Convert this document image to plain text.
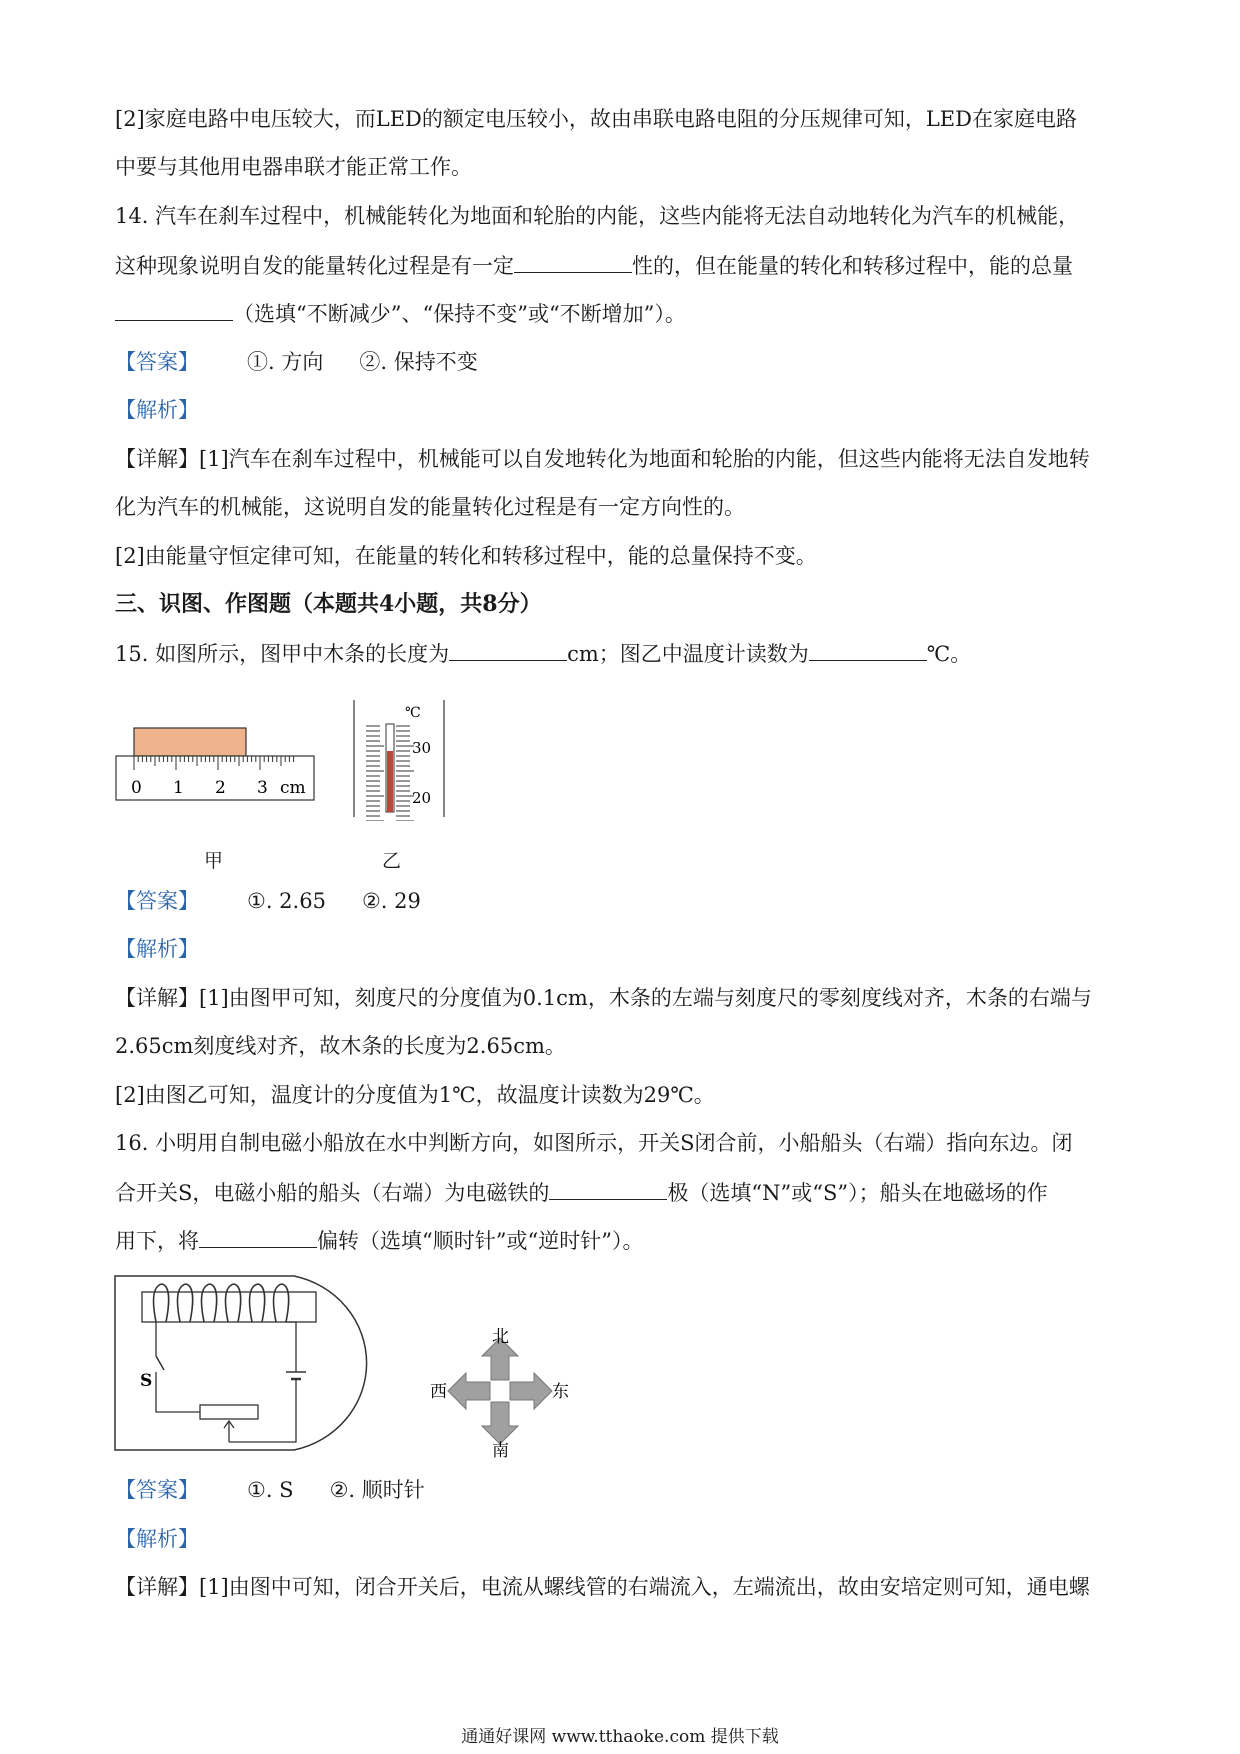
[2]家庭电路中电压较大，而LED的额定电压较小，故由串联电路电阻的分压规律可知，LED在家庭电路
中要与其他用电器串联才能正常工作。
14. 汽车在刹车过程中，机械能转化为地面和轮胎的内能，这些内能将无法自动地转化为汽车的机械能，
这种现象说明自发的能量转化过程是有一定	性的，但在能量的转化和转移过程中，能的总量
（选填“不断减少”、“保持不变”或“不断增加”）。
【答案】 ①. 方向 ②. 保持不变
【解析】
【详解】[1]汽车在刹车过程中，机械能可以自发地转化为地面和轮胎的内能，但这些内能将无法自发地转
化为汽车的机械能，这说明自发的能量转化过程是有一定方向性的。
[2]由能量守恒定律可知，在能量的转化和转移过程中，能的总量保持不变。
三、识图、作图题（本题共4小题，共8分）
15. 如图所示，图甲中木条的长度为	cm；图乙中温度计读数为	℃。
0 1 2 3 cm
甲
℃
30
20
乙
【答案】 ①. 2.65 ②. 29
【解析】
【详解】[1]由图甲可知，刻度尺的分度值为0.1cm，木条的左端与刻度尺的零刻度线对齐，木条的右端与
2.65cm刻度线对齐，故木条的长度为2.65cm。
[2]由图乙可知，温度计的分度值为1℃，故温度计读数为29℃。
16. 小明用自制电磁小船放在水中判断方向，如图所示，开关S闭合前，小船船头（右端）指向东边。闭
合开关S，电磁小船的船头（右端）为电磁铁的	极（选填“N”或“S”）；船头在地磁场的作
用下，将	偏转（选填“顺时针”或“逆时针”）。
S
北
南
西	东
【答案】 ①. S ②. 顺时针
【解析】
【详解】[1]由图中可知，闭合开关后，电流从螺线管的右端流入，左端流出，故由安培定则可知，通电螺
通通好课网 www.tthaoke.com 提供下载
